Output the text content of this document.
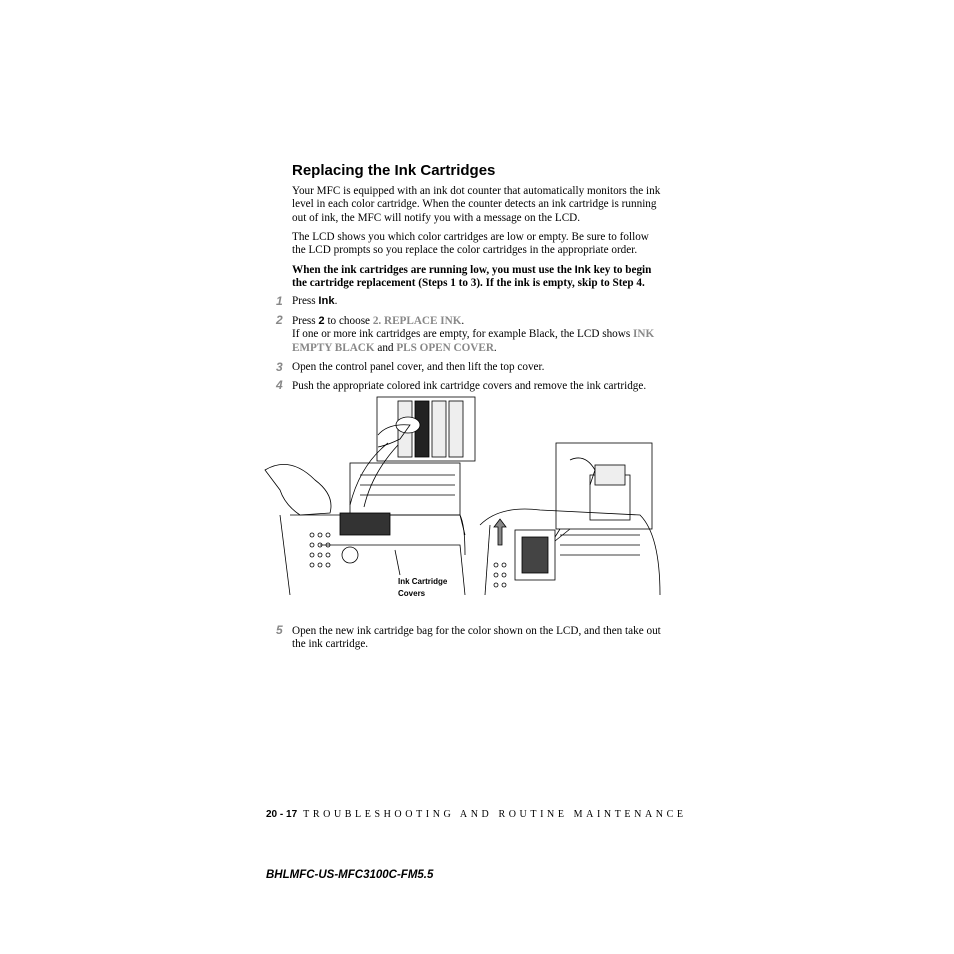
Replacing the Ink Cartridges
Your MFC is equipped with an ink dot counter that automatically monitors the ink level in each color cartridge. When the counter detects an ink cartridge is running out of ink, the MFC will notify you with a message on the LCD.
The LCD shows you which color cartridges are low or empty. Be sure to follow the LCD prompts so you replace the color cartridges in the appropriate order.
When the ink cartridges are running low, you must use the Ink key to begin the cartridge replacement (Steps 1 to 3). If the ink is empty, skip to Step 4.
1 Press Ink.
2 Press 2 to choose 2. REPLACE INK.
If one or more ink cartridges are empty, for example Black, the LCD shows INK EMPTY BLACK and PLS OPEN COVER.
3 Open the control panel cover, and then lift the top cover.
4 Push the appropriate colored ink cartridge covers and remove the ink cartridge.
Ink Cartridge
Covers
5 Open the new ink cartridge bag for the color shown on the LCD, and then take out the ink cartridge.
20 - 17 TROUBLESHOOTING AND ROUTINE MAINTENANCE
BHLMFC-US-MFC3100C-FM5.5
